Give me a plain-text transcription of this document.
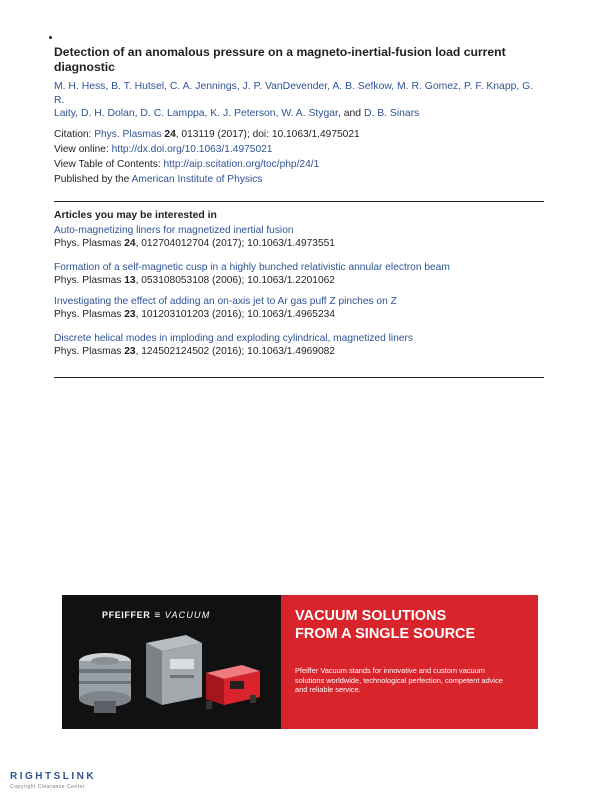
Detection of an anomalous pressure on a magneto-inertial-fusion load current diagnostic
M. H. Hess, B. T. Hutsel, C. A. Jennings, J. P. VanDevender, A. B. Sefkow, M. R. Gomez, P. F. Knapp, G. R.
Laity, D. H. Dolan, D. C. Lamppa, K. J. Peterson, W. A. Stygar, and D. B. Sinars
Citation: Phys. Plasmas 24, 013119 (2017); doi: 10.1063/1.4975021
View online: http://dx.doi.org/10.1063/1.4975021
View Table of Contents: http://aip.scitation.org/toc/php/24/1
Published by the American Institute of Physics
Articles you may be interested in
Auto-magnetizing liners for magnetized inertial fusion
Phys. Plasmas 24, 012704012704 (2017); 10.1063/1.4973551
Formation of a self-magnetic cusp in a highly bunched relativistic annular electron beam
Phys. Plasmas 13, 053108053108 (2006); 10.1063/1.2201062
Investigating the effect of adding an on-axis jet to Ar gas puff Z pinches on Z
Phys. Plasmas 23, 101203101203 (2016); 10.1063/1.4965234
Discrete helical modes in imploding and exploding cylindrical, magnetized liners
Phys. Plasmas 23, 124502124502 (2016); 10.1063/1.4969082
PFEIFFER ≡ VACUUM	VACUUM SOLUTIONS
FROM A SINGLE SOURCE
Pfeiffer Vacuum stands for innovative and custom vacuum solutions worldwide, technological perfection, competent advice and reliable service.
RIGHTSLINK
Copyright Clearance Center
